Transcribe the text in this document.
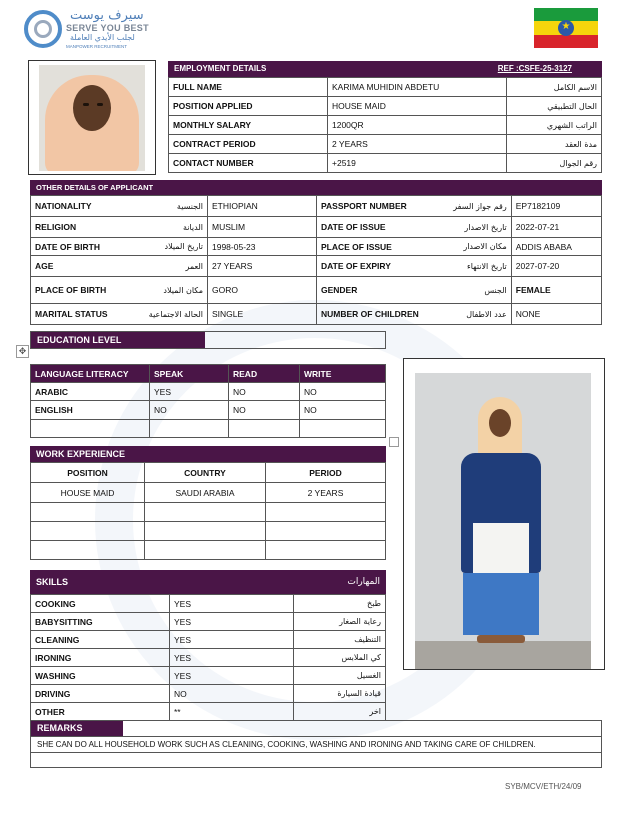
سيرف يوست
SERVE YOU BEST
لجلب الأيدي العاملة
MANPOWER RECRUITMENT
★
EMPLOYMENT DETAILS	REF :CSFE-25-3127
FULL NAME	KARIMA MUHIDIN ABDETU	الاسم الكامل
POSITION APPLIED	HOUSE MAID	الحال التطبيقي
MONTHLY SALARY	1200QR	الراتب الشهري
CONTRACT PERIOD	2 YEARS	مدة العقد
CONTACT NUMBER	+2519	رقم الجوال
OTHER DETAILS OF APPLICANT
NATIONALITY	الجنسية	ETHIOPIAN	PASSPORT NUMBER	رقم جواز السفر	EP7182109
RELIGION	الديانة	MUSLIM	DATE OF ISSUE	تاريخ الاصدار	2022-07-21
DATE OF BIRTH	تاريخ الميلاد	1998-05-23	PLACE OF ISSUE	مكان الاصدار	ADDIS ABABA
AGE	العمر	27 YEARS	DATE OF EXPIRY	تاريخ الانتهاء	2027-07-20
PLACE OF BIRTH	مكان الميلاد	GORO	GENDER	الجنس	FEMALE
MARITAL STATUS	الحالة الاجتماعية	SINGLE	NUMBER OF CHILDREN	عدد الاطفال	NONE
✥
EDUCATION LEVEL
LANGUAGE LITERACY	SPEAK	READ	WRITE
ARABIC	YES	NO	NO
ENGLISH	NO	NO	NO

WORK EXPERIENCE
POSITION	COUNTRY	PERIOD
HOUSE MAID	SAUDI ARABIA	2 YEARS

SKILLS	المهارات
COOKING	YES	طبخ
BABYSITTING	YES	رعاية الصغار
CLEANING	YES	التنظيف
IRONING	YES	كي الملابس
WASHING	YES	الغسيل
DRIVING	NO	قيادة السيارة
OTHER	**	اخر
REMARKS
SHE CAN DO ALL HOUSEHOLD WORK SUCH AS CLEANING, COOKING, WASHING AND IRONING AND TAKING CARE OF CHILDREN.
SYB/MCV/ETH/24/09
